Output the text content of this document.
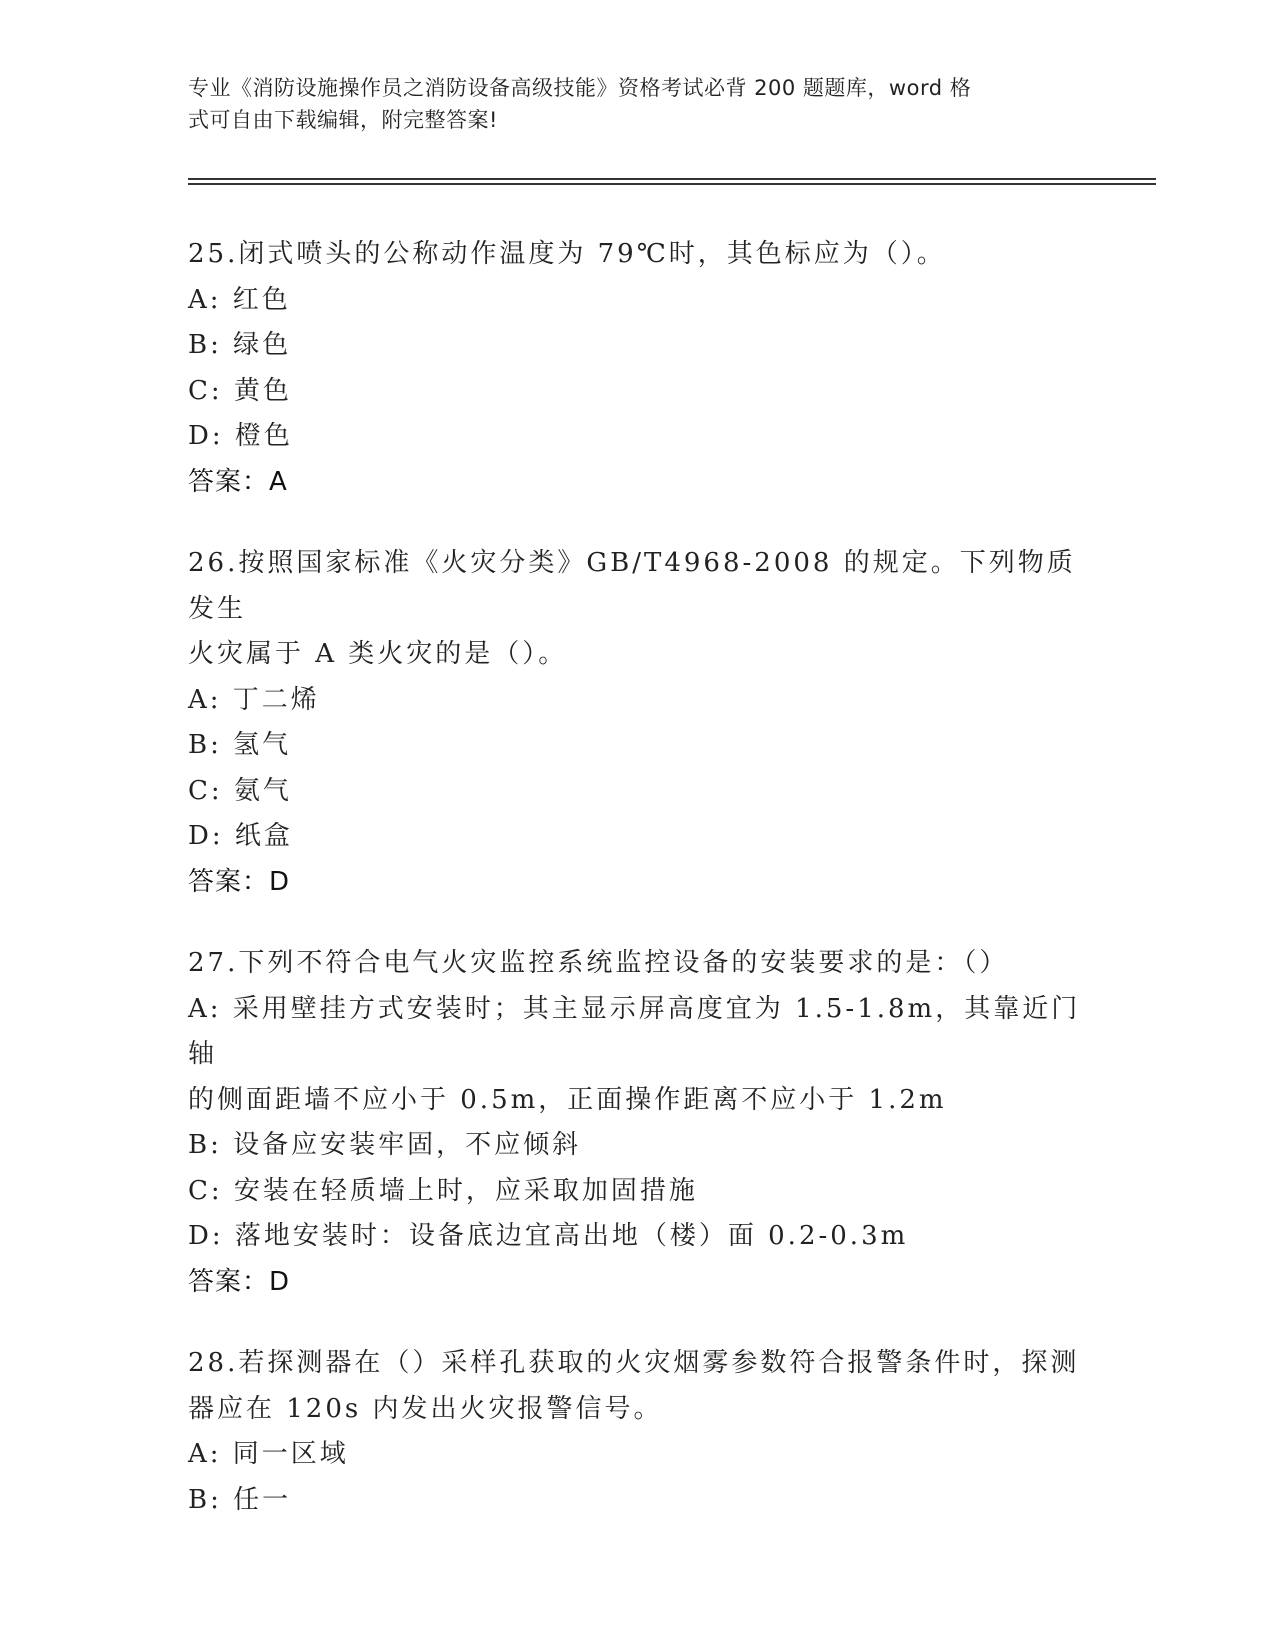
专业《消防设施操作员之消防设备高级技能》资格考试必背 200 题题库，word 格
式可自由下载编辑，附完整答案!
25.闭式喷头的公称动作温度为 79℃时，其色标应为（）。
A: 红色
B: 绿色
C: 黄色
D: 橙色
答案：A
26.按照国家标准《火灾分类》GB/T4968-2008 的规定。下列物质发生
火灾属于 A 类火灾的是（）。
A: 丁二烯
B: 氢气
C: 氨气
D: 纸盒
答案：D
27.下列不符合电气火灾监控系统监控设备的安装要求的是：（）
A: 采用壁挂方式安装时；其主显示屏高度宜为 1.5-1.8m，其靠近门轴
的侧面距墙不应小于 0.5m，正面操作距离不应小于 1.2m
B: 设备应安装牢固，不应倾斜
C: 安装在轻质墙上时，应采取加固措施
D: 落地安装时：设备底边宜高出地（楼）面 0.2-0.3m
答案：D
28.若探测器在（）采样孔获取的火灾烟雾参数符合报警条件时，探测
器应在 120s 内发出火灾报警信号。
A: 同一区域
B: 任一
